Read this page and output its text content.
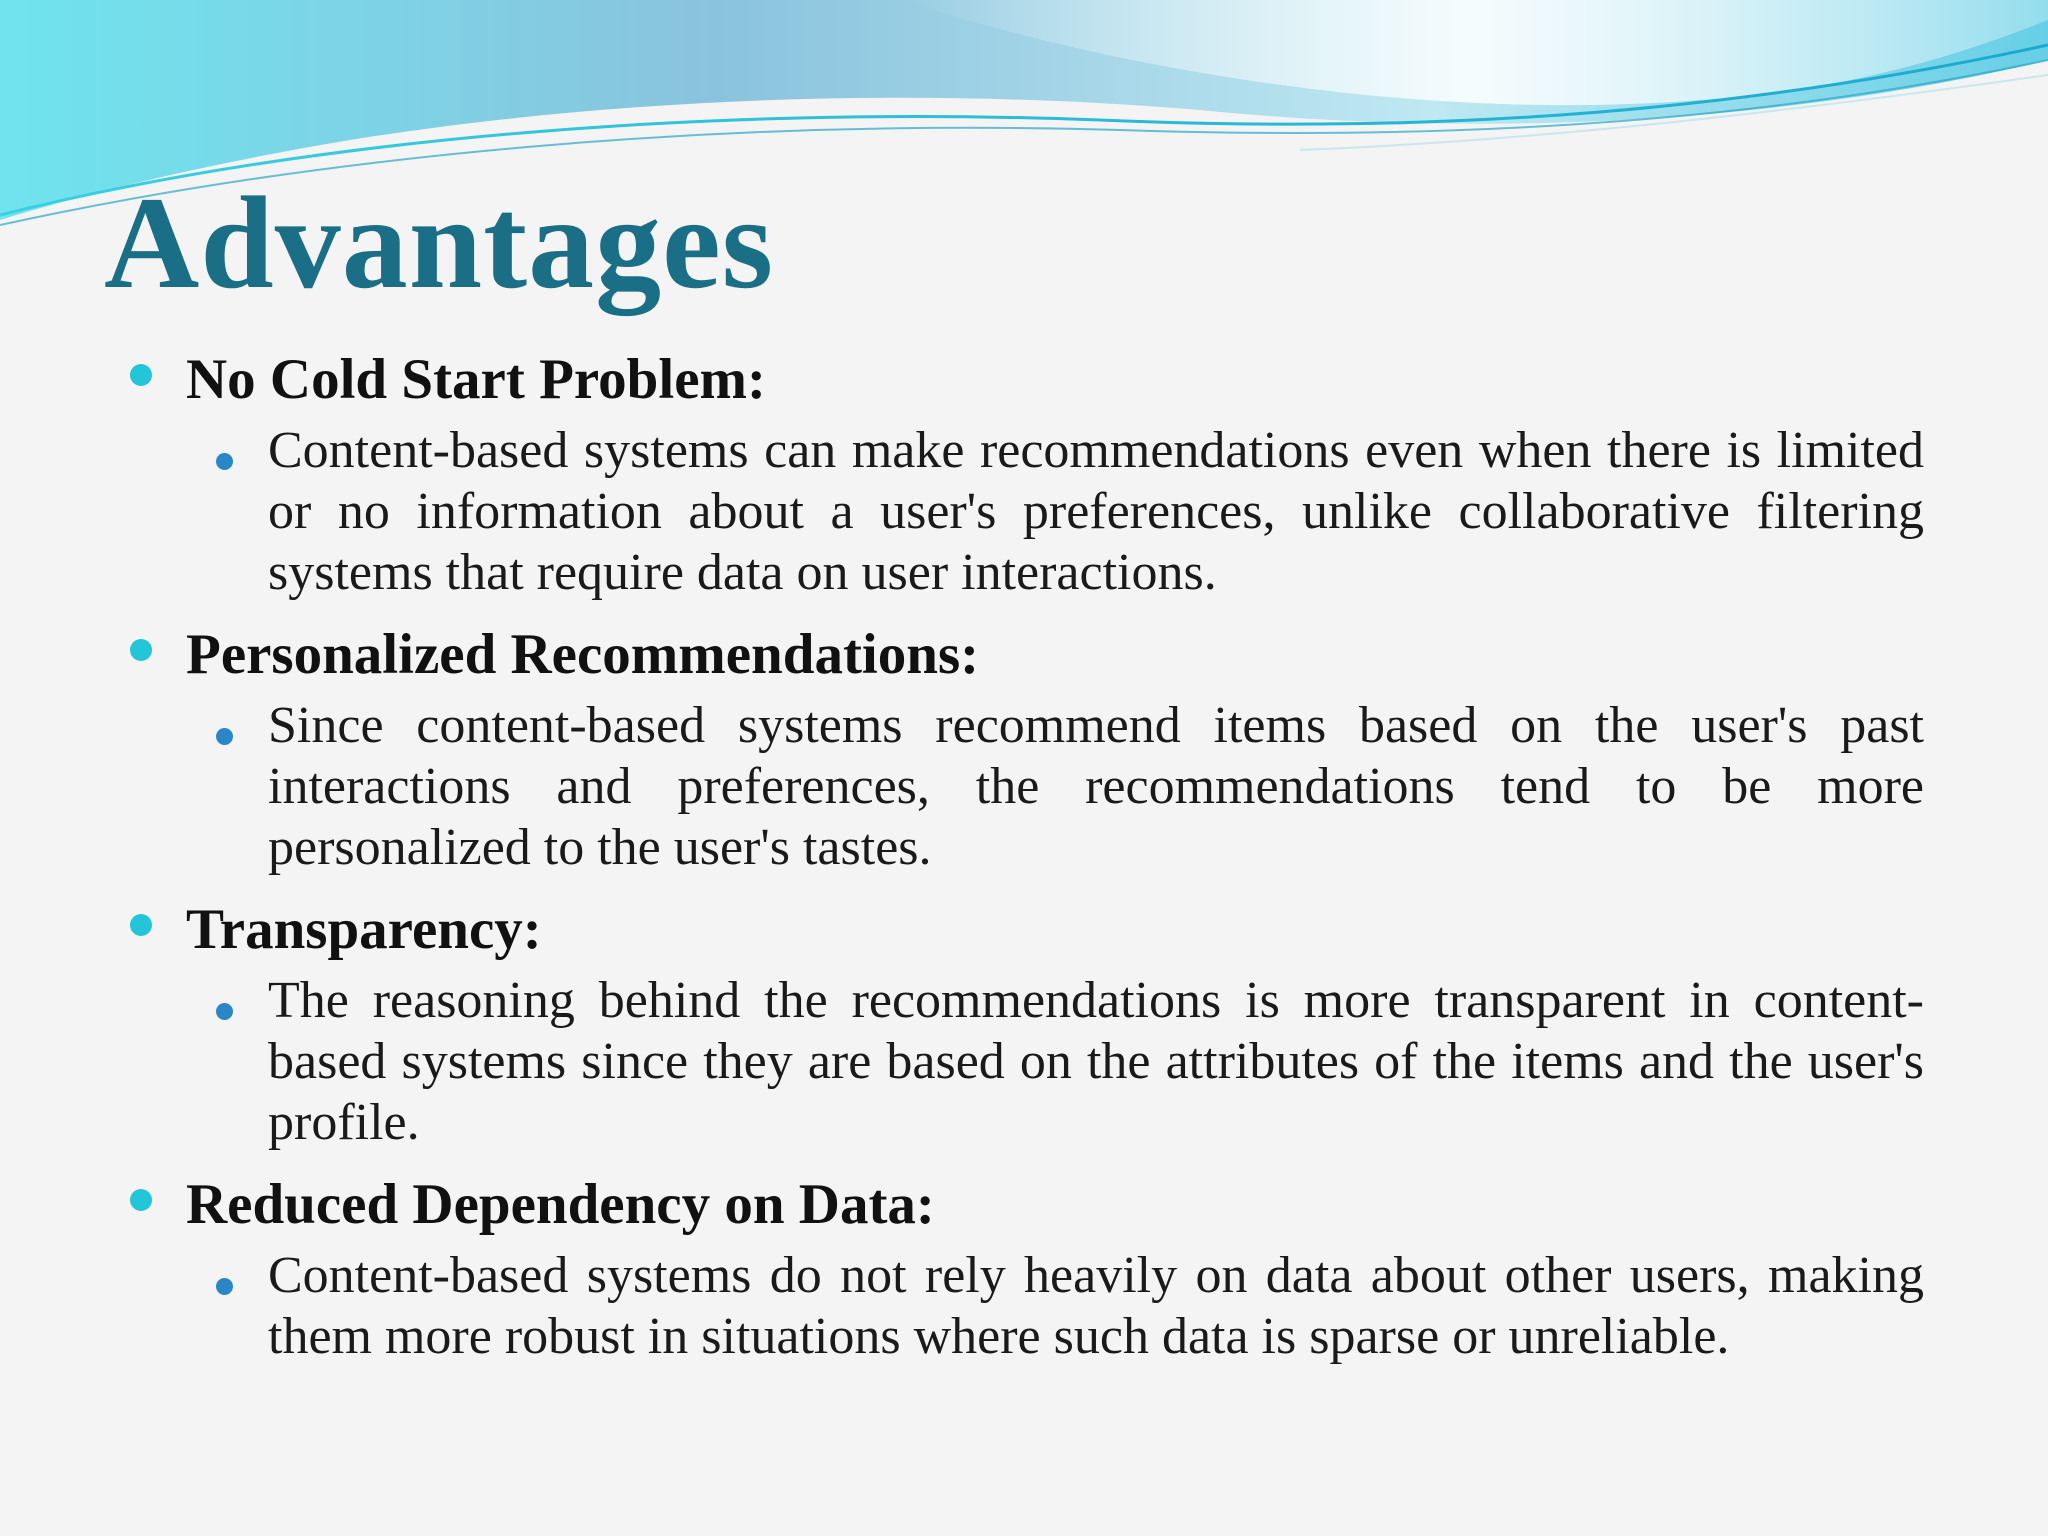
Advantages
No Cold Start Problem:
Content-based systems can make recommendations even when there is limited or no information about a user's preferences, unlike collaborative filtering systems that require data on user interactions.
Personalized Recommendations:
Since content-based systems recommend items based on the user's past interactions and preferences, the recommendations tend to be more personalized to the user's tastes.
Transparency:
The reasoning behind the recommendations is more transparent in content-based systems since they are based on the attributes of the items and the user's profile.
Reduced Dependency on Data:
Content-based systems do not rely heavily on data about other users, making them more robust in situations where such data is sparse or unreliable.
